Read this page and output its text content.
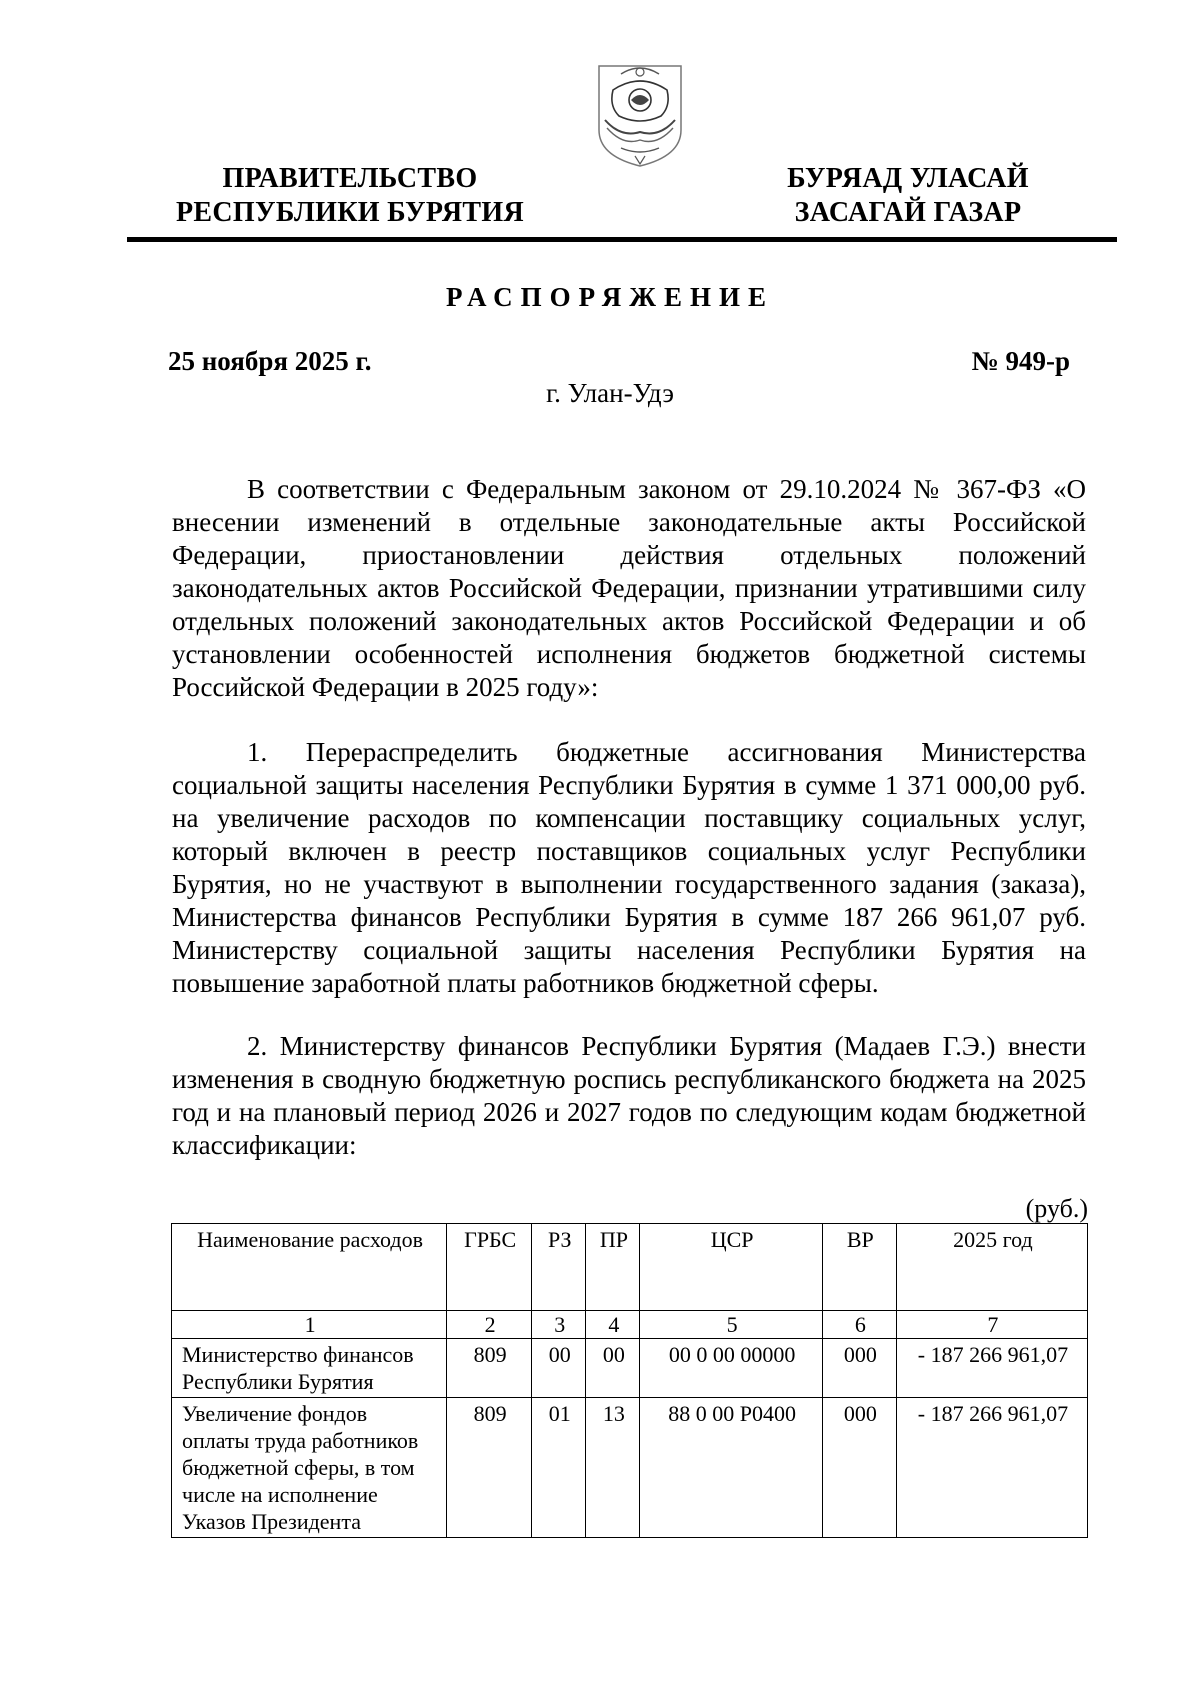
ПРАВИТЕЛЬСТВО
РЕСПУБЛИКИ БУРЯТИЯ
БУРЯАД УЛАСАЙ
ЗАСАГАЙ ГАЗАР
РАСПОРЯЖЕНИЕ
25 ноября 2025 г.	№ 949-р
г. Улан-Удэ

В соответствии с Федеральным законом от 29.10.2024 № 367-ФЗ «О внесении изменений в отдельные законодательные акты Российской Федерации, приостановлении действия отдельных положений законодательных актов Российской Федерации, признании утратившими силу отдельных положений законодательных актов Российской Федерации и об установлении особенностей исполнения бюджетов бюджетной системы Российской Федерации в 2025 году»:

1. Перераспределить бюджетные ассигнования Министерства социальной защиты населения Республики Бурятия в сумме 1 371 000,00 руб. на увеличение расходов по компенсации поставщику социальных услуг, который включен в реестр поставщиков социальных услуг Республики Бурятия, но не участвуют в выполнении государственного задания (заказа), Министерства финансов Республики Бурятия в сумме 187 266 961,07 руб. Министерству социальной защиты населения Республики Бурятия на повышение заработной платы работников бюджетной сферы.

2. Министерству финансов Республики Бурятия (Мадаев Г.Э.) внести изменения в сводную бюджетную роспись республиканского бюджета на 2025 год и на плановый период 2026 и 2027 годов по следующим кодам бюджетной классификации:

(руб.)
Наименование расходов	ГРБС	РЗ	ПР	ЦСР	ВР	2025 год
1	2	3	4	5	6	7
Министерство финансов Республики Бурятия	809	00	00	00 0 00 00000	000	- 187 266 961,07
Увеличение фондов оплаты труда работников бюджетной сферы, в том числе на исполнение Указов Президента	809	01	13	88 0 00 Р0400	000	- 187 266 961,07
